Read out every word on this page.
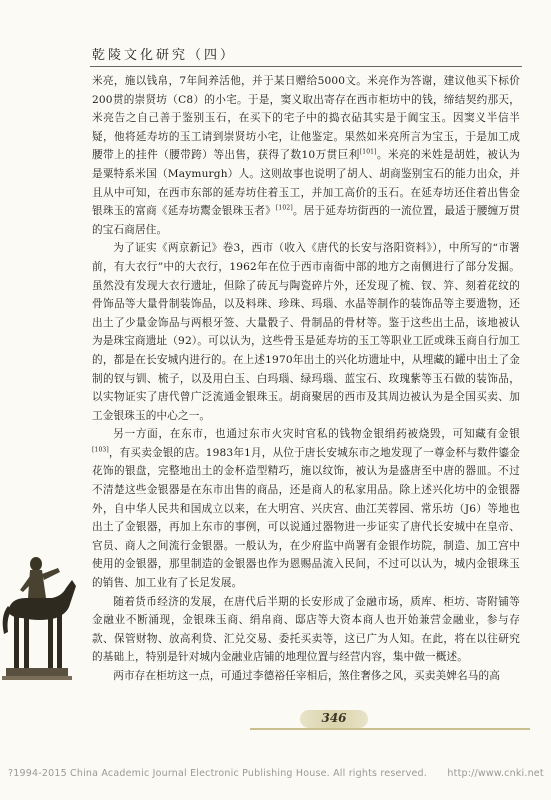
乾陵文化研究（四）

米亮，施以钱帛，7年间养活他，并于某日赠给5000文。米亮作为答谢，建议他买下标价200贯的崇贤坊（C8）的小宅。于是，窦义取出寄存在西市柜坊中的钱，缔结契约那天，米亮告之自己善于鉴别玉石，在买下的宅子中的捣衣砧其实是于阗宝玉。因窦义半信半疑，他将延寿坊的玉工请到崇贤坊小宅，让他鉴定。果然如米亮所言为宝玉，于是加工成腰带上的挂件（腰带跨）等出售，获得了数10万贯巨利[101]。米亮的米姓是胡姓，被认为是粟特系米国（Maymurgh）人。这则故事也说明了胡人、胡商鉴别宝石的能力出众，并且从中可知，在西市东部的延寿坊住着玉工，并加工高价的玉石。在延寿坊还住着出售金银珠玉的富商《延寿坊鬻金银珠玉者》[102]。居于延寿坊街西的一流位置，最适于腰缠万贯的宝石商居住。

为了证实《两京新记》卷3，西市（收入《唐代的长安与洛阳资料》），中所写的“市署前，有大衣行”中的大衣行，1962年在位于西市南衙中部的地方之南侧进行了部分发掘。虽然没有发现大衣行遗址，但除了砖瓦与陶瓷碎片外，还发现了梳、钗、笄、刻着花纹的骨饰品等大量骨制装饰品，以及料珠、珍珠、玛瑙、水晶等制作的装饰品等主要遗物，还出土了少量金饰品与两根牙签、大量骰子、骨制品的骨材等。鉴于这些出土品，该地被认为是珠宝商遗址（92）。可以认为，这些骨玉是延寿坊的玉工等职业工匠或珠玉商自行加工的，都是在长安城内进行的。在上述1970年出土的兴化坊遗址中，从埋藏的罐中出土了金制的钗与钏、梳子，以及用白玉、白玛瑙、绿玛瑙、蓝宝石、玫瑰紫等玉石做的装饰品，以实物证实了唐代曾广泛流通金银珠玉。胡商聚居的西市及其周边被认为是全国买卖、加工金银珠玉的中心之一。

另一方面，在东市，也通过东市火灾时官私的钱物金银绢药被烧毁，可知藏有金银[103]，有买卖金银的店。1983年1月，从位于唐长安城东市之地发现了一尊金杯与数件鎏金花饰的银盘，完整地出土的金杯造型精巧，施以纹饰，被认为是盛唐至中唐的器皿。不过不清楚这些金银器是在东市出售的商品，还是商人的私家用品。除上述兴化坊中的金银器外，自中华人民共和国成立以来，在大明宫、兴庆宫、曲江芙蓉园、常乐坊（J6）等地也出土了金银器，再加上东市的事例，可以说通过器物进一步证实了唐代长安城中在皇帝、官员、商人之间流行金银器。一般认为，在少府监中尚署有金银作坊院，制造、加工宫中使用的金银器，那里制造的金银器也作为恩赐品流入民间，不过可以认为，城内金银珠玉的销售、加工业有了长足发展。

随着货币经济的发展，在唐代后半期的长安形成了金融市场，质库、柜坊、寄附铺等金融业不断涌现，金银珠玉商、绢帛商、邸店等大资本商人也开始兼营金融业，参与存款、保管财物、放高利贷、汇兑交易、委托买卖等，这已广为人知。在此，将在以往研究的基础上，特别是针对城内金融业店铺的地理位置与经营内容，集中做一概述。

两市存在柜坊这一点，可通过李德裕任宰相后，煞住奢侈之风，买卖美婢名马的高

346
?1994-2015 China Academic Journal Electronic Publishing House. All rights reserved. http://www.cnki.net
